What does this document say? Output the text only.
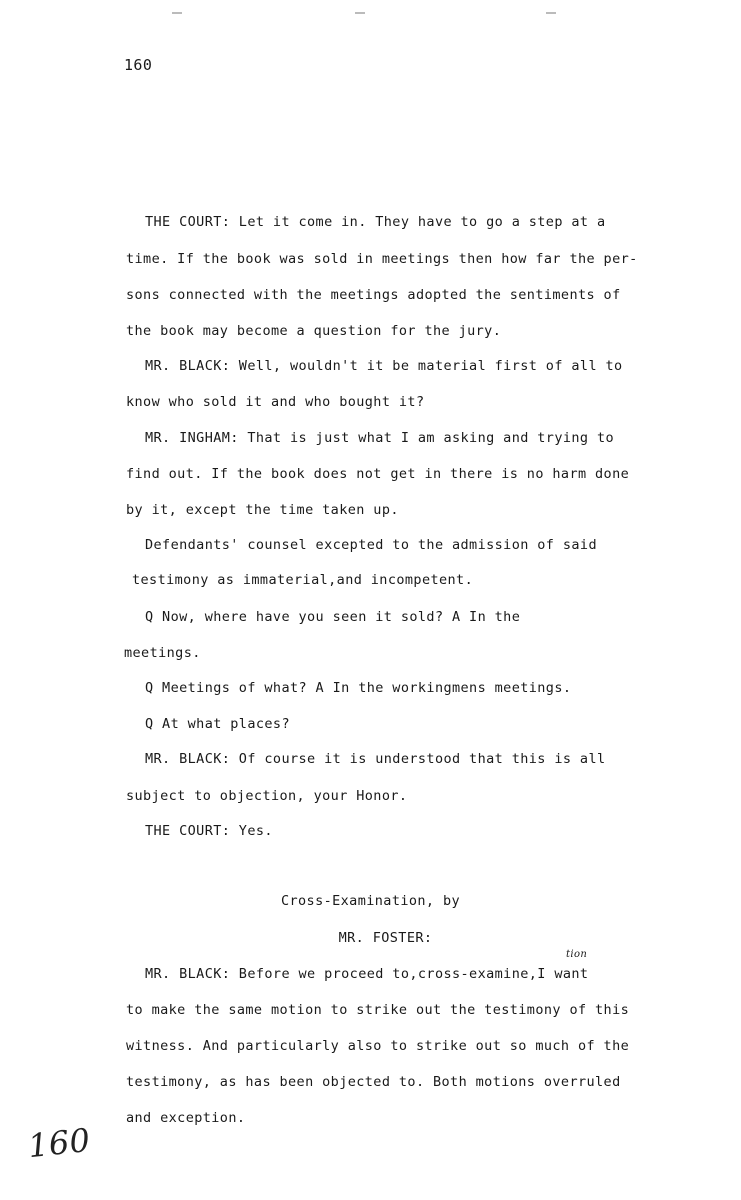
160
THE COURT: Let it come in. They have to go a step at a
time. If the book was sold in meetings then how far the per-
sons connected with the meetings adopted the sentiments of
the book may become a question for the jury.
MR. BLACK: Well, wouldn't it be material first of all to
know who sold it and who bought it?
MR. INGHAM: That is just what I am asking and trying to
find out. If the book does not get in there is no harm done
by it, except the time taken up.
Defendants' counsel excepted to the admission of said
testimony as immaterial,and incompetent.
Q Now, where have you seen it sold? A In the
meetings.
Q Meetings of what? A In the workingmens meetings.
Q At what places?
MR. BLACK: Of course it is understood that this is all
subject to objection, your Honor.
THE COURT: Yes.
Cross-Examination, by
MR. FOSTER:
tion
MR. BLACK: Before we proceed to,cross-examine,I want
to make the same motion to strike out the testimony of this
witness. And particularly also to strike out so much of the
testimony, as has been objected to. Both motions overruled
and exception.
160
